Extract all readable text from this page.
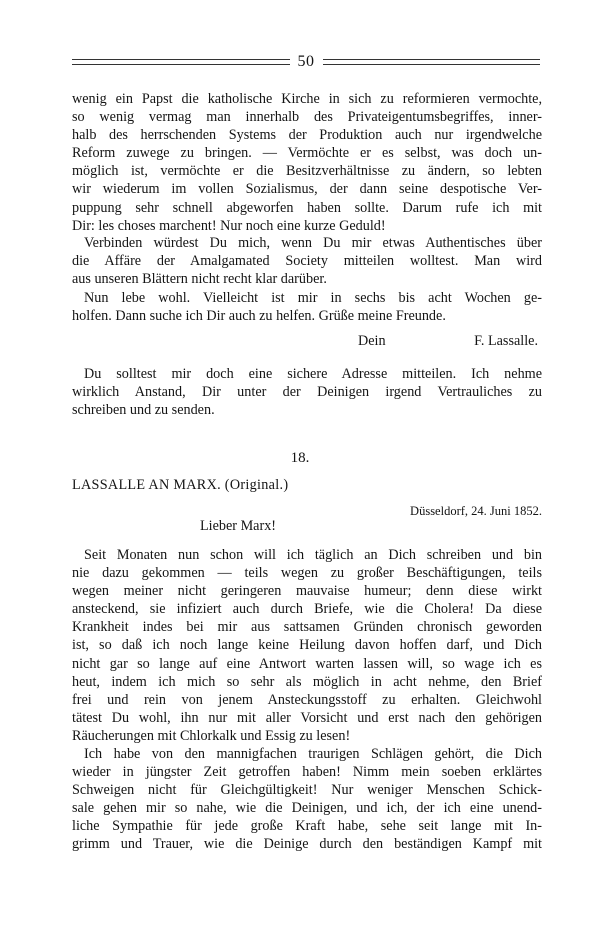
50
wenig ein Papst die katholische Kirche in sich zu reformieren vermochte,
so wenig vermag man innerhalb des Privateigentumsbegriffes, inner-
halb des herrschenden Systems der Produktion auch nur irgendwelche
Reform zuwege zu bringen. — Vermöchte er es selbst, was doch un-
möglich ist, vermöchte er die Besitzverhältnisse zu ändern, so lebten
wir wiederum im vollen Sozialismus, der dann seine despotische Ver-
puppung sehr schnell abgeworfen haben sollte. Darum rufe ich mit
Dir: les choses marchent! Nur noch eine kurze Geduld!
Verbinden würdest Du mich, wenn Du mir etwas Authentisches über
die Affäre der Amalgamated Society mitteilen wolltest. Man wird
aus unseren Blättern nicht recht klar darüber.
Nun lebe wohl. Vielleicht ist mir in sechs bis acht Wochen ge-
holfen. Dann suche ich Dir auch zu helfen. Grüße meine Freunde.
Dein	F. Lassalle.
Du solltest mir doch eine sichere Adresse mitteilen. Ich nehme
wirklich Anstand, Dir unter der Deinigen irgend Vertrauliches zu
schreiben und zu senden.
18.
LASSALLE AN MARX. (Original.)
Düsseldorf, 24. Juni 1852.
Lieber Marx!
Seit Monaten nun schon will ich täglich an Dich schreiben und bin
nie dazu gekommen — teils wegen zu großer Beschäftigungen, teils
wegen meiner nicht geringeren mauvaise humeur; denn diese wirkt
ansteckend, sie infiziert auch durch Briefe, wie die Cholera! Da diese
Krankheit indes bei mir aus sattsamen Gründen chronisch geworden
ist, so daß ich noch lange keine Heilung davon hoffen darf, und Dich
nicht gar so lange auf eine Antwort warten lassen will, so wage ich es
heut, indem ich mich so sehr als möglich in acht nehme, den Brief
frei und rein von jenem Ansteckungsstoff zu erhalten. Gleichwohl
tätest Du wohl, ihn nur mit aller Vorsicht und erst nach den gehörigen
Räucherungen mit Chlorkalk und Essig zu lesen!
Ich habe von den mannigfachen traurigen Schlägen gehört, die Dich
wieder in jüngster Zeit getroffen haben! Nimm mein soeben erklärtes
Schweigen nicht für Gleichgültigkeit! Nur weniger Menschen Schick-
sale gehen mir so nahe, wie die Deinigen, und ich, der ich eine unend-
liche Sympathie für jede große Kraft habe, sehe seit lange mit In-
grimm und Trauer, wie die Deinige durch den beständigen Kampf mit
